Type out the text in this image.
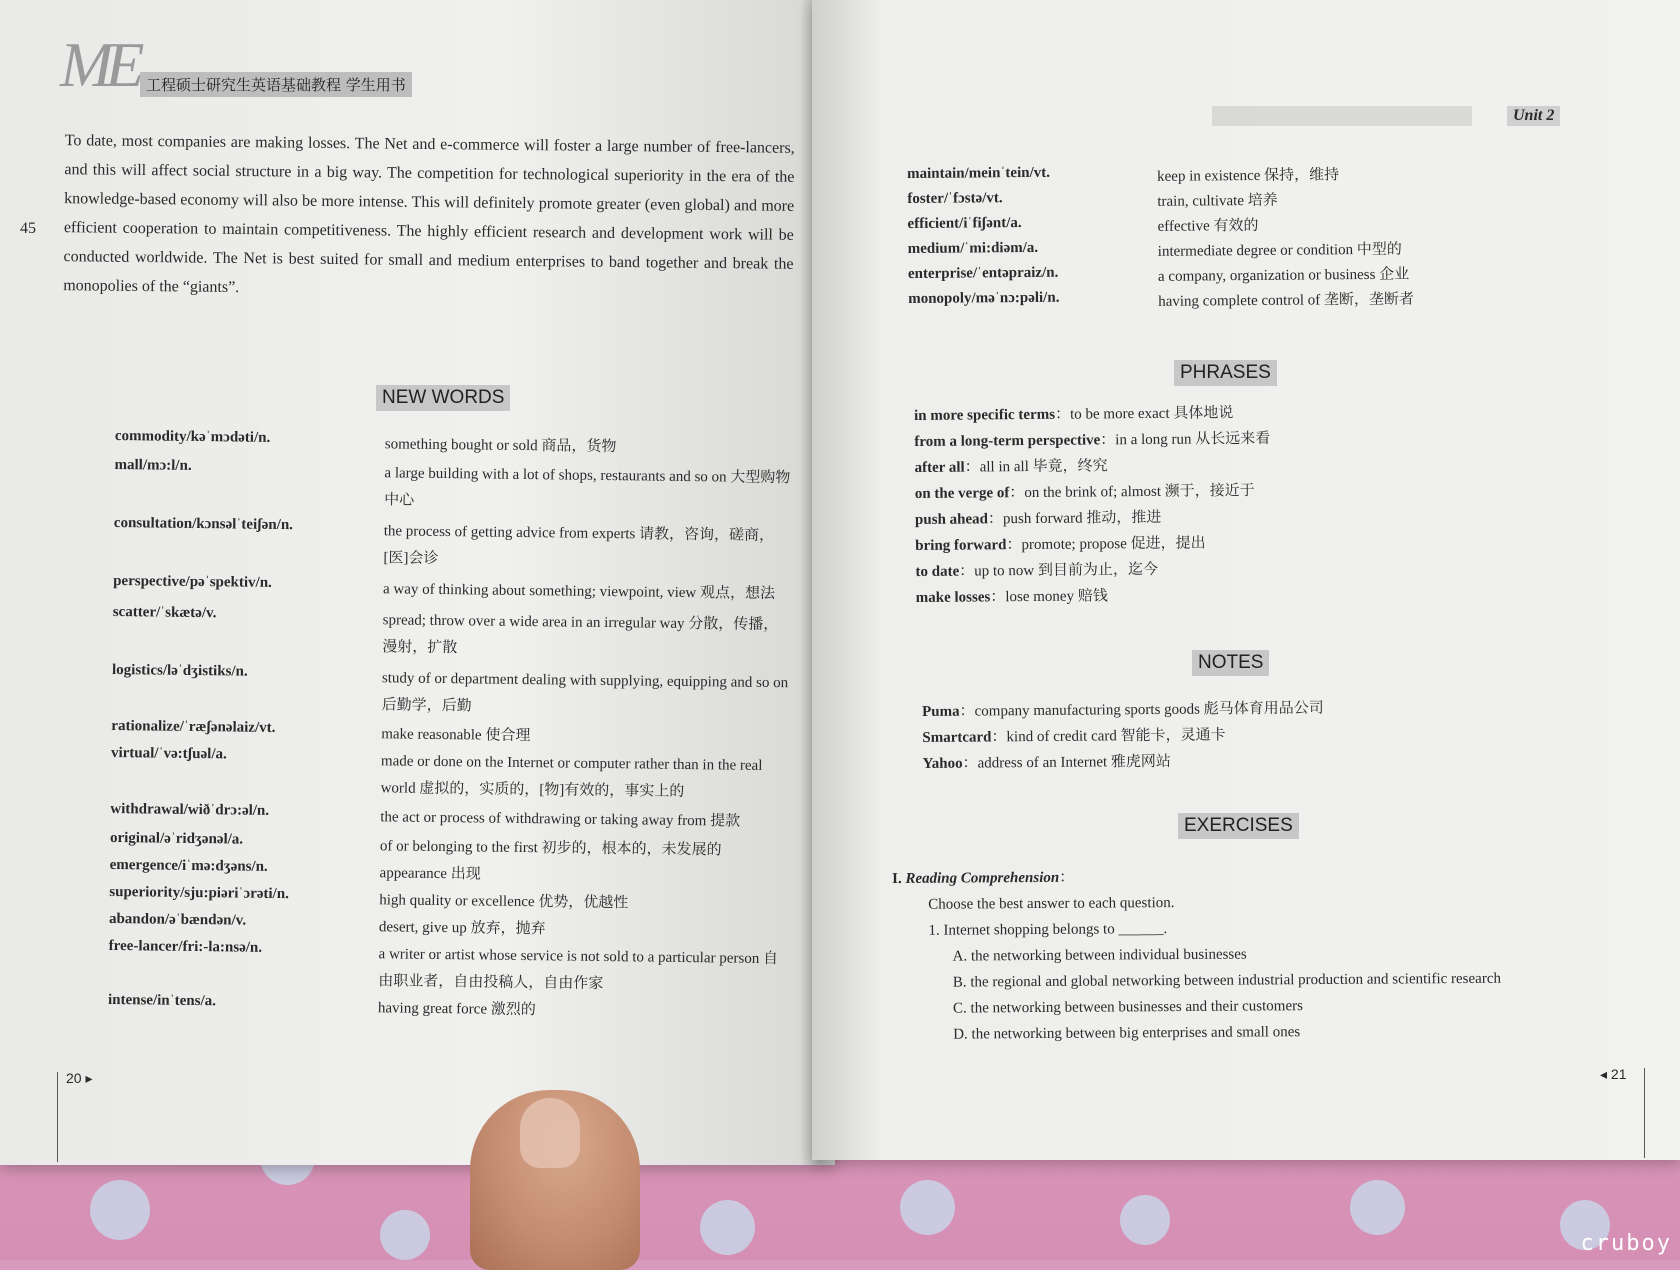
ME 工程硕士研究生英语基础教程 学生用书
45
To date, most companies are making losses. The Net and e-commerce will foster a large number of free-lancers, and this will affect social structure in a big way. The competition for technological superiority in the era of the knowledge-based economy will also be more intense. This will definitely promote greater (even global) and more efficient cooperation to maintain competitiveness. The highly efficient research and development work will be conducted worldwide. The Net is best suited for small and medium enterprises to band together and break the monopolies of the “giants”.
NEW WORDS
commodity/kəˈmɔdəti/n.	something bought or sold 商品，货物
mall/mɔ:l/n.	a large building with a lot of shops, restaurants and so on 大型购物中心
consultation/kɔnsəlˈteiʃən/n.	the process of getting advice from experts 请教，咨询，磋商，[医]会诊
perspective/pəˈspektiv/n.	a way of thinking about something; viewpoint, view 观点，想法
scatter/ˈskætə/v.	spread; throw over a wide area in an irregular way 分散，传播，漫射，扩散
logistics/ləˈdʒistiks/n.	study of or department dealing with supplying, equipping and so on 后勤学，后勤
rationalize/ˈræʃənəlaiz/vt.	make reasonable 使合理
virtual/ˈvə:tʃuəl/a.	made or done on the Internet or computer rather than in the real world 虚拟的，实质的，[物]有效的，事实上的
withdrawal/wiðˈdrɔ:əl/n.	the act or process of withdrawing or taking away from 提款
original/əˈridʒənəl/a.	of or belonging to the first 初步的，根本的，未发展的
emergence/iˈmə:dʒəns/n.	appearance 出现
superiority/sju:piəriˈɔrəti/n.	high quality or excellence 优势，优越性
abandon/əˈbændən/v.	desert, give up 放弃，抛弃
free-lancer/fri:-la:nsə/n.	a writer or artist whose service is not sold to a particular person 自由职业者，自由投稿人，自由作家
intense/inˈtens/a.	having great force 激烈的
20 ▸
Unit 2
maintain/meinˈtein/vt.	keep in existence 保持，维持
foster/ˈfɔstə/vt.	train, cultivate 培养
efficient/iˈfiʃənt/a.	effective 有效的
medium/ˈmi:diəm/a.	intermediate degree or condition 中型的
enterprise/ˈentəpraiz/n.	a company, organization or business 企业
monopoly/məˈnɔ:pəli/n.	having complete control of 垄断，垄断者
PHRASES
in more specific terms：to be more exact 具体地说
from a long-term perspective：in a long run 从长远来看
after all：all in all 毕竟，终究
on the verge of：on the brink of; almost 濒于，接近于
push ahead：push forward 推动，推进
bring forward：promote; propose 促进，提出
to date：up to now 到目前为止，迄今
make losses：lose money 赔钱
NOTES
Puma：company manufacturing sports goods 彪马体育用品公司
Smartcard：kind of credit card 智能卡，灵通卡
Yahoo：address of an Internet 雅虎网站
EXERCISES
I. Reading Comprehension：
Choose the best answer to each question.
1. Internet shopping belongs to ______.
A. the networking between individual businesses
B. the regional and global networking between industrial production and scientific research
C. the networking between businesses and their customers
D. the networking between big enterprises and small ones
◂ 21
cruboy
